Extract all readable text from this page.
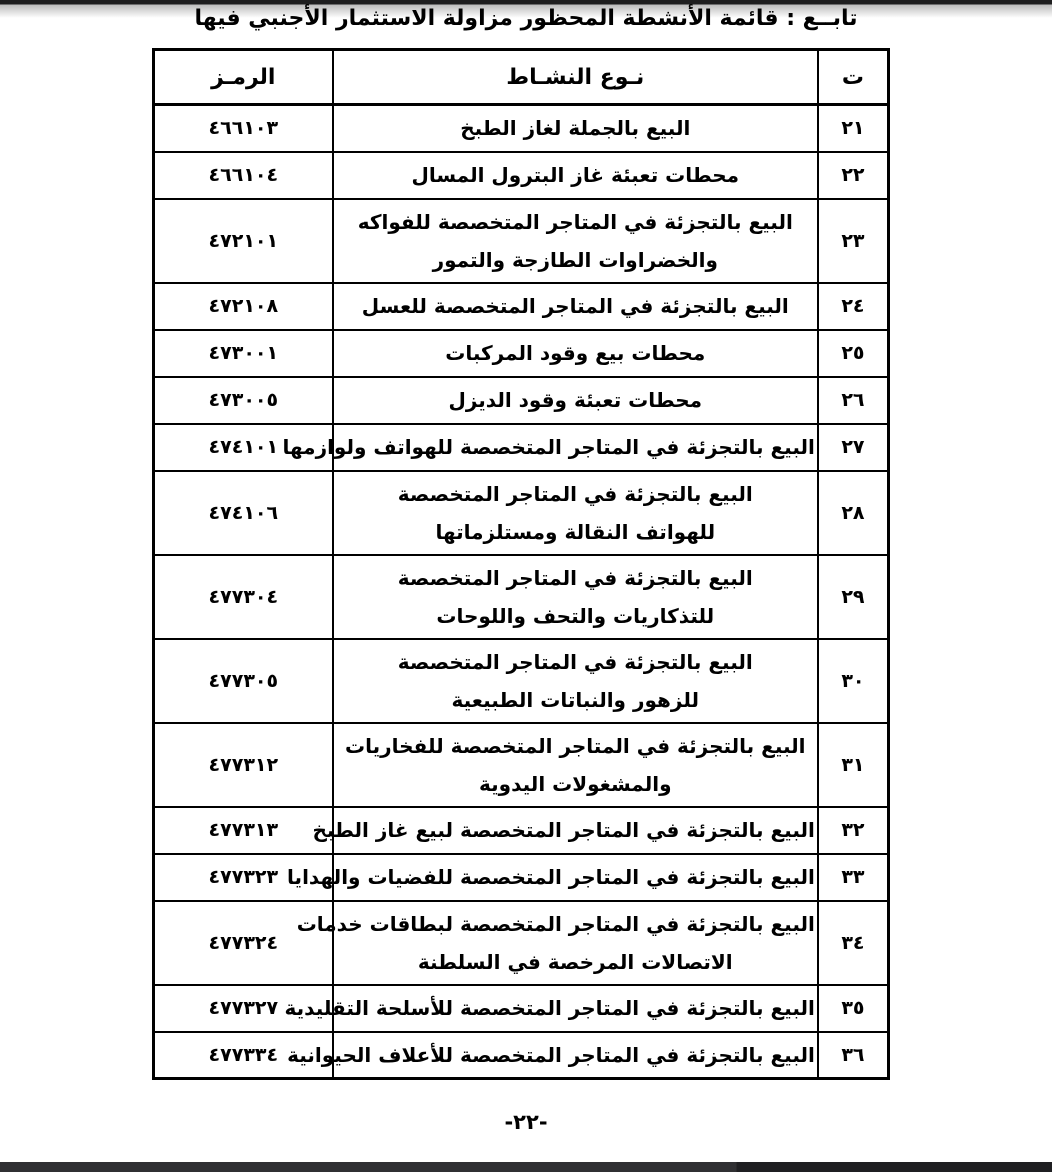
تابــع : قائمة الأنشطة المحظور مزاولة الاستثمار الأجنبي فيها
ت	نـوع النشـاط	الرمـز
٢١	البيع بالجملة لغاز الطبخ	٤٦٦١٠٣
٢٢	محطات تعبئة غاز البترول المسال	٤٦٦١٠٤
٢٣	البيع بالتجزئة في المتاجر المتخصصة للفواكه
والخضراوات الطازجة والتمور	٤٧٢١٠١
٢٤	البيع بالتجزئة في المتاجر المتخصصة للعسل	٤٧٢١٠٨
٢٥	محطات بيع وقود المركبات	٤٧٣٠٠١
٢٦	محطات تعبئة وقود الديزل	٤٧٣٠٠٥
٢٧	البيع بالتجزئة في المتاجر المتخصصة للهواتف ولوازمها	٤٧٤١٠١
٢٨	البيع بالتجزئة في المتاجر المتخصصة
للهواتف النقالة ومستلزماتها	٤٧٤١٠٦
٢٩	البيع بالتجزئة في المتاجر المتخصصة
للتذكاريات والتحف واللوحات	٤٧٧٣٠٤
٣٠	البيع بالتجزئة في المتاجر المتخصصة
للزهور والنباتات الطبيعية	٤٧٧٣٠٥
٣١	البيع بالتجزئة في المتاجر المتخصصة للفخاريات
والمشغولات اليدوية	٤٧٧٣١٢
٣٢	البيع بالتجزئة في المتاجر المتخصصة لبيع غاز الطبخ	٤٧٧٣١٣
٣٣	البيع بالتجزئة في المتاجر المتخصصة للفضيات والهدايا	٤٧٧٣٢٣
٣٤	البيع بالتجزئة في المتاجر المتخصصة لبطاقات خدمات
الاتصالات المرخصة في السلطنة	٤٧٧٣٢٤
٣٥	البيع بالتجزئة في المتاجر المتخصصة للأسلحة التقليدية	٤٧٧٣٢٧
٣٦	البيع بالتجزئة في المتاجر المتخصصة للأعلاف الحيوانية	٤٧٧٣٣٤
-٢٢-
